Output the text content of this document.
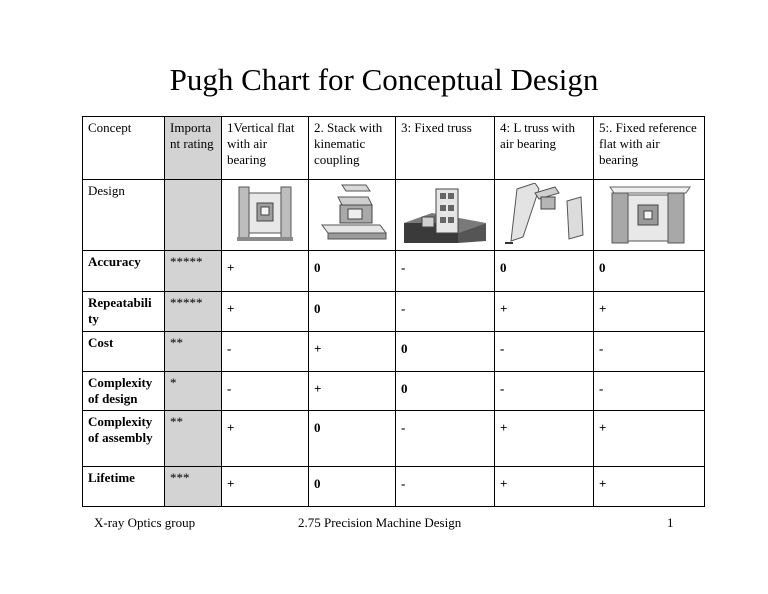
Pugh Chart for Conceptual Design
Concept	Importa nt rating	1Vertical flat with air bearing	2. Stack with kinematic coupling	3: Fixed truss	4: L truss with air bearing	5:. Fixed reference flat with air bearing
Design		

Accuracy	*****	+	0	-	0	0

Repeatabili ty	*****	+	0	-	+	+

Cost	**	-	+	0	-	-

Complexity of design	*	-	+	0	-	-

Complexity of assembly	**	+	0	-	+	+

Lifetime	***	+	0	-	+	+
X-ray Optics group	2.75 Precision Machine Design	1
